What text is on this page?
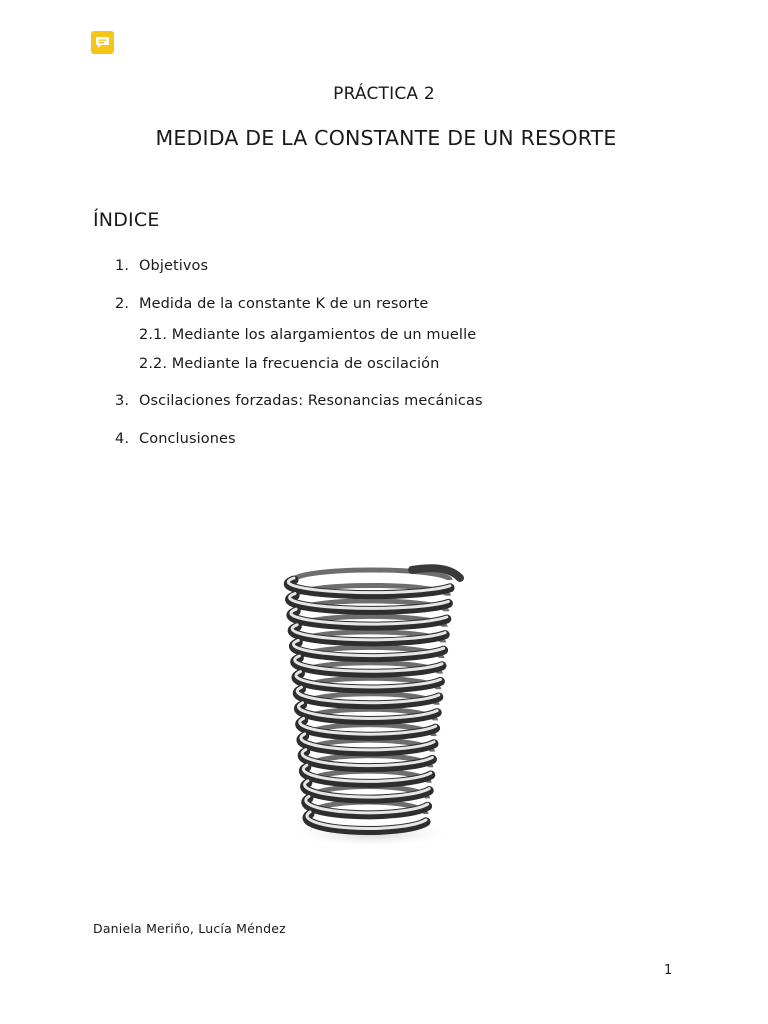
PRÁCTICA 2
MEDIDA DE LA CONSTANTE DE UN RESORTE
ÍNDICE
1. Objetivos
2. Medida de la constante K de un resorte
2.1. Mediante los alargamientos de un muelle
2.2. Mediante la frecuencia de oscilación
3. Oscilaciones forzadas: Resonancias mecánicas
4. Conclusiones
Daniela Meriño, Lucía Méndez
1
